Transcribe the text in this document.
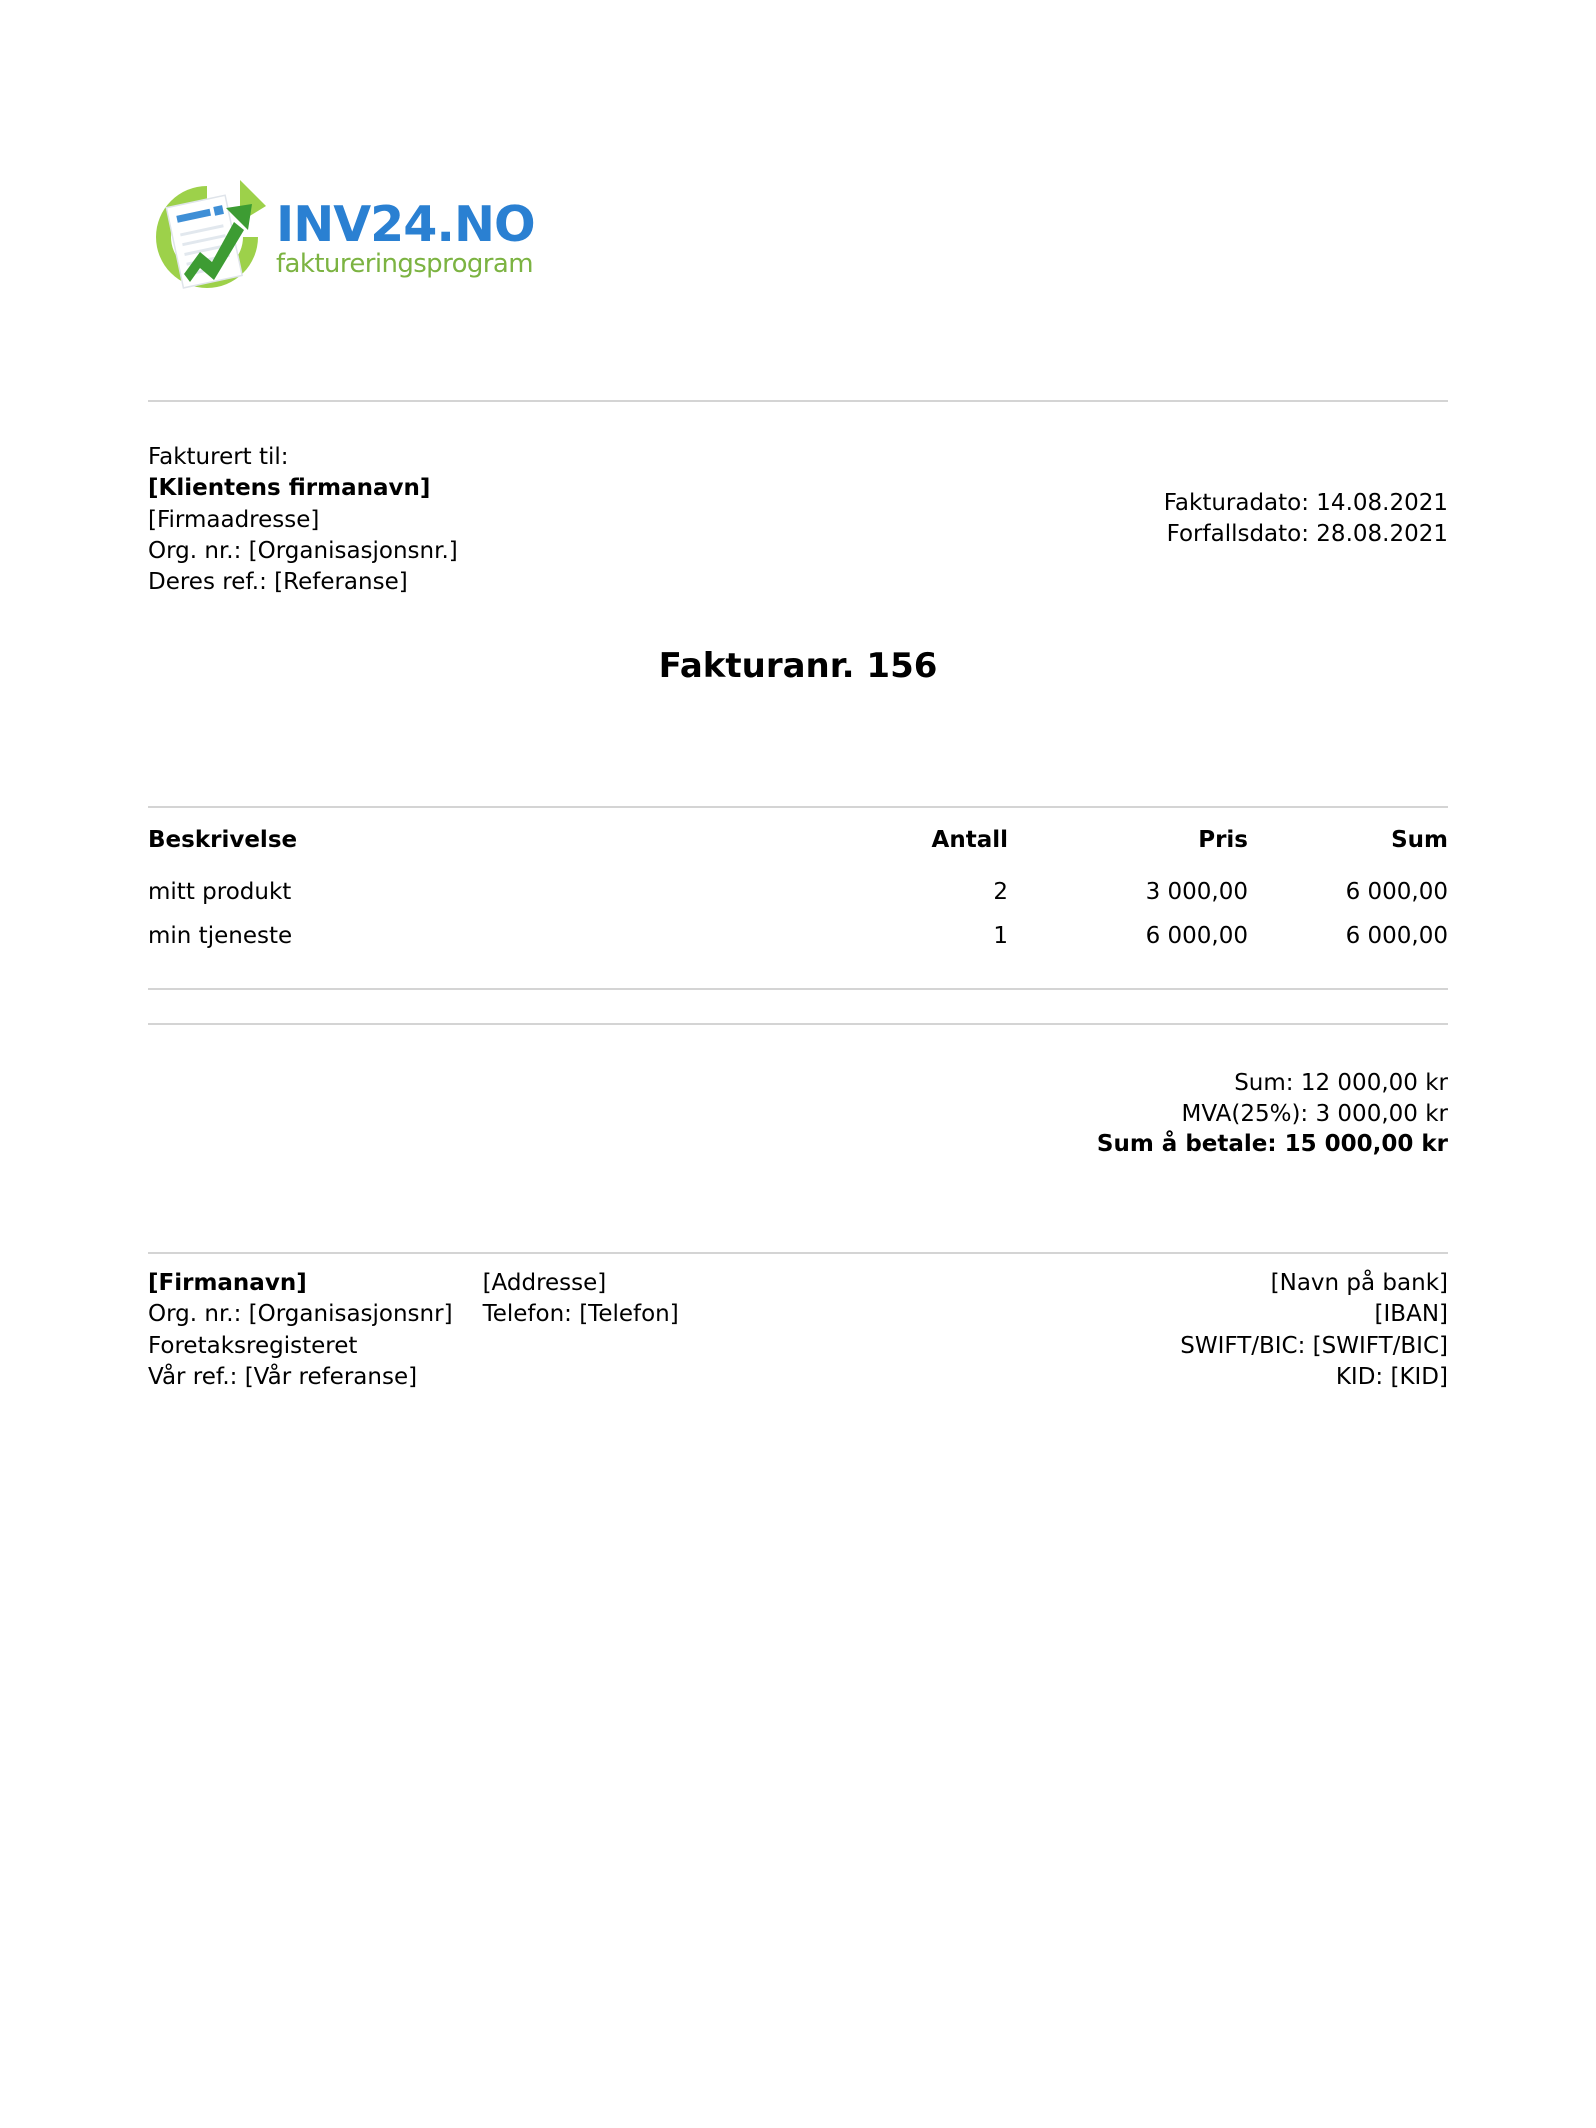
INV24.NO
faktureringsprogram
Fakturert til:
[Klientens firmanavn]
[Firmaadresse]
Org. nr.: [Organisasjonsnr.]
Deres ref.: [Referanse]
Fakturadato: 14.08.2021
Forfallsdato: 28.08.2021
Fakturanr. 156
Beskrivelse	Antall	Pris	Sum
mitt produkt	2	3 000,00	6 000,00
min tjeneste	1	6 000,00	6 000,00
Sum: 12 000,00 kr
MVA(25%): 3 000,00 kr
Sum å betale: 15 000,00 kr
[Firmanavn]
Org. nr.: [Organisasjonsnr]
Foretaksregisteret
Vår ref.: [Vår referanse]
[Addresse]
Telefon: [Telefon]
[Navn på bank]
[IBAN]
SWIFT/BIC: [SWIFT/BIC]
KID: [KID]
